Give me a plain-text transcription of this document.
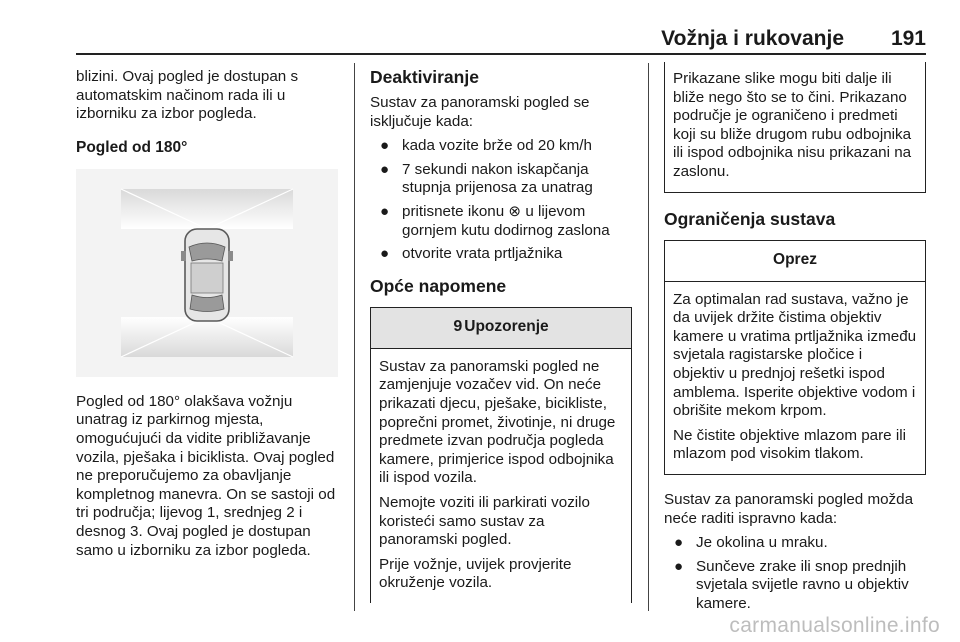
Vožnja i rukovanje 191

blizini. Ovaj pogled je dostupan s automatskim načinom rada ili u izborniku za izbor pogleda.

Pogled od 180°

Pogled od 180° olakšava vožnju unatrag iz parkirnog mjesta, omogućujući da vidite približavanje vozila, pješaka i biciklista. Ovaj pogled ne preporučujemo za obavljanje kompletnog manevra. On se sastoji od tri područja; lijevog 1, srednjeg 2 i desnog 3. Ovaj pogled je dostupan samo u izborniku za izbor pogleda.

Deaktiviranje

Sustav za panoramski pogled se isključuje kada:

● kada vozite brže od 20 km/h
● 7 sekundi nakon iskapčanja stupnja prijenosa za unatrag
● pritisnete ikonu ⊗ u lijevom gornjem kutu dodirnog zaslona
● otvorite vrata prtljažnika
Opće napomene
9 Upozorenje

Sustav za panoramski pogled ne zamjenjuje vozačev vid. On neće prikazati djecu, pješake, bicikliste, poprečni promet, životinje, ni druge predmete izvan područja pogleda kamere, primjerice ispod odbojnika ili ispod vozila.

Nemojte voziti ili parkirati vozilo koristeći samo sustav za panoramski pogled.

Prije vožnje, uvijek provjerite okruženje vozila.

Prikazane slike mogu biti dalje ili bliže nego što se to čini. Prikazano područje je ograničeno i predmeti koji su bliže drugom rubu odbojnika ili ispod odbojnika nisu prikazani na zaslonu.

Ograničenja sustava
Oprez

Za optimalan rad sustava, važno je da uvijek držite čistima objektiv kamere u vratima prtljažnika između svjetala ragistarske pločice i objektiv u prednjoj rešetki ispod amblema. Isperite objektive vodom i obrišite mekom krpom.

Ne čistite objektive mlazom pare ili mlazom pod visokim tlakom.

Sustav za panoramski pogled možda neće raditi ispravno kada:

● Je okolina u mraku.
● Sunčeve zrake ili snop prednjih svjetala svijetle ravno u objektiv kamere.
carmanualsonline.info
